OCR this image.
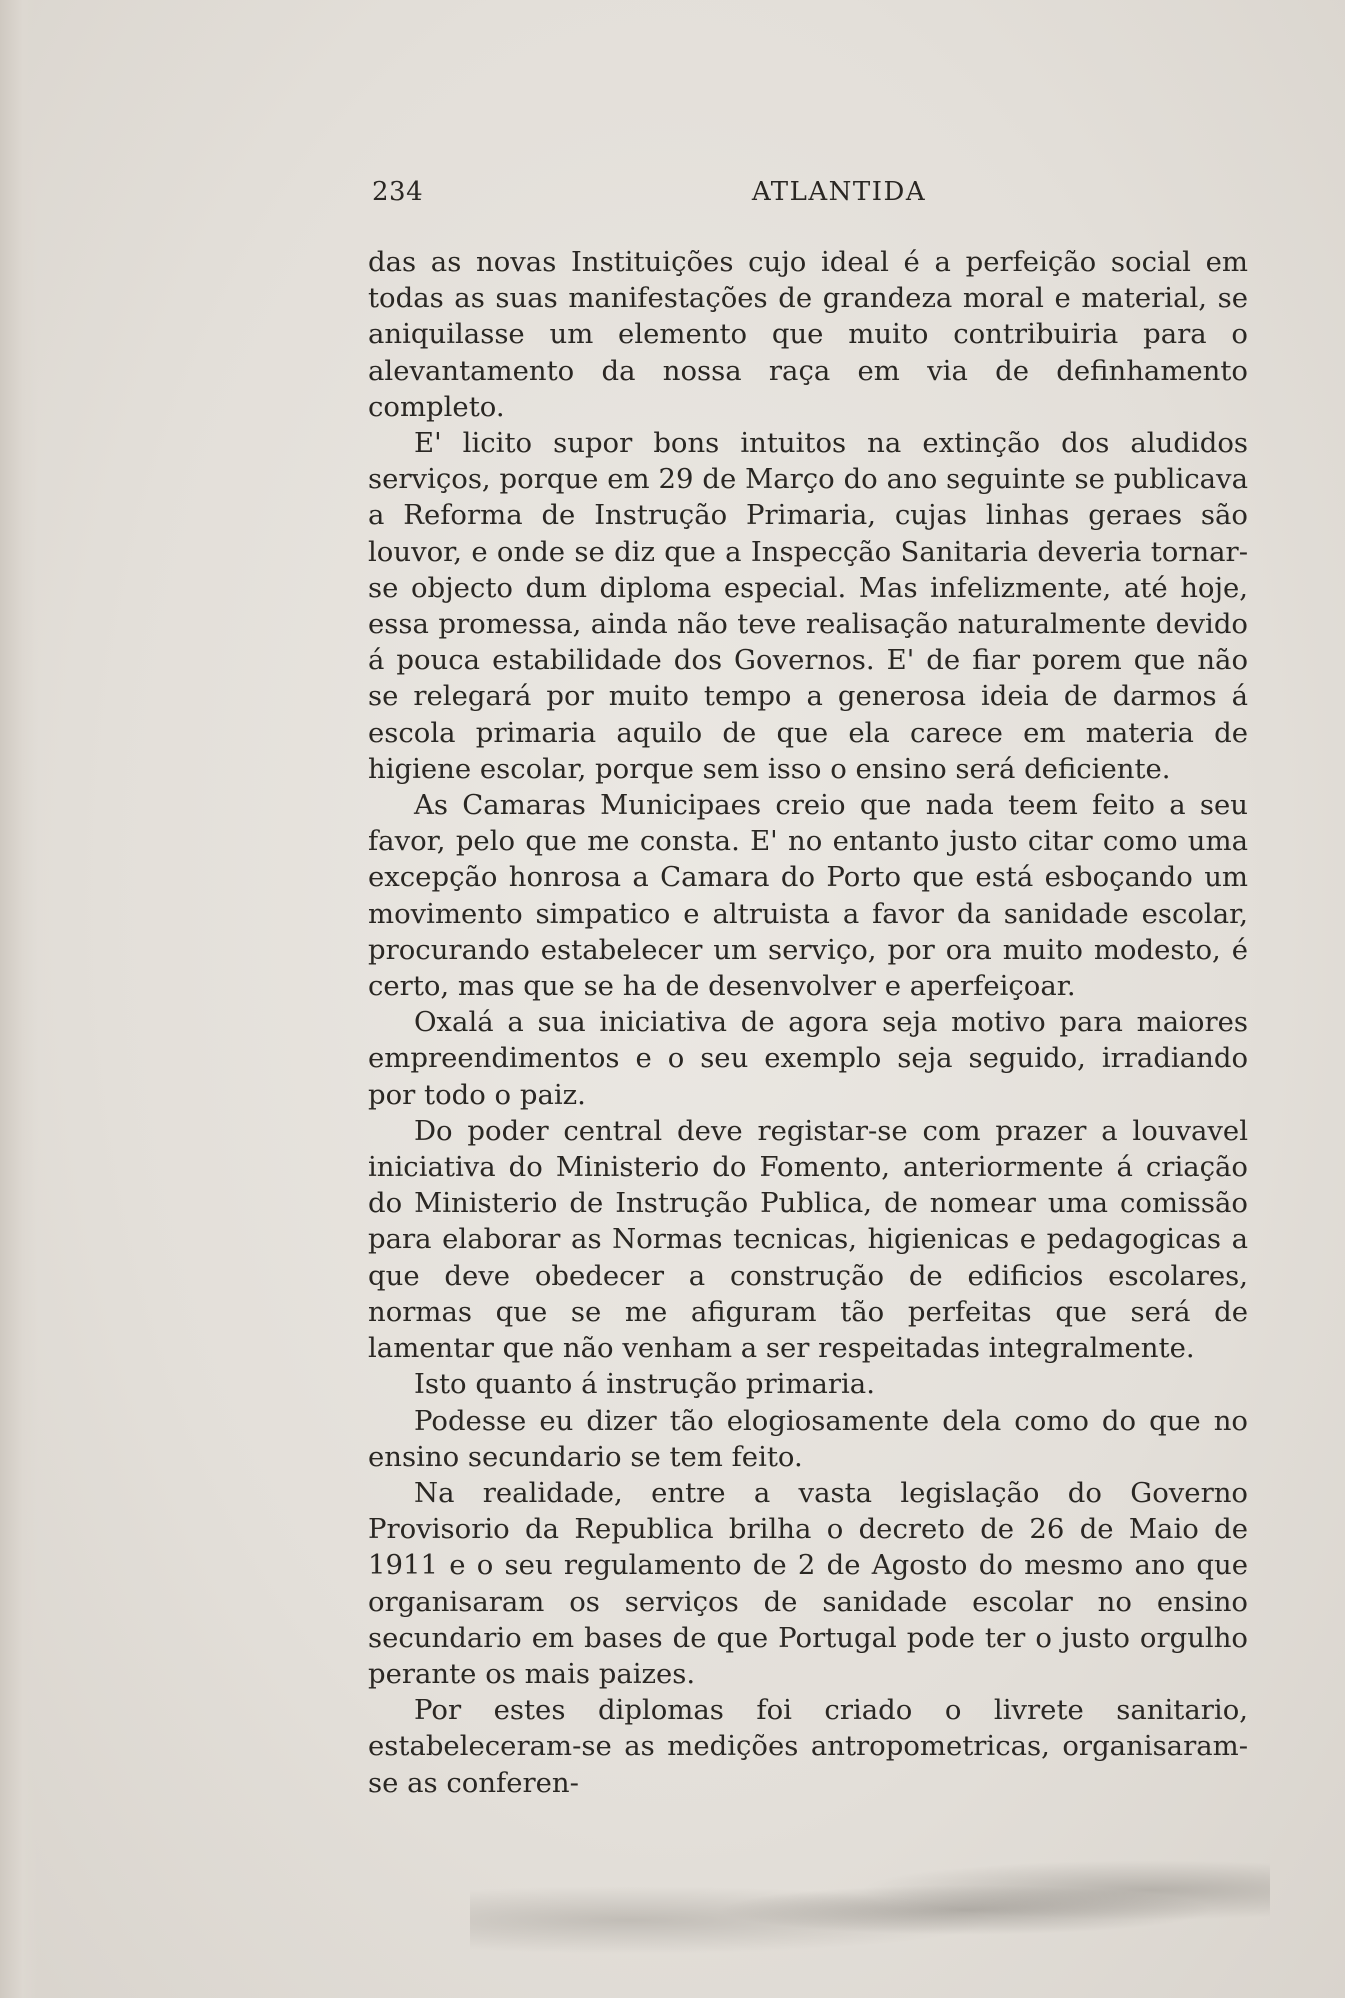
234	ATLANTIDA

das as novas Instituições cujo ideal é a perfeição social em todas as suas manifestações de grandeza moral e material, se aniquilasse um elemento que muito contribuiria para o alevantamento da nossa raça em via de definhamento completo.

E' licito supor bons intuitos na extinção dos aludidos serviços, porque em 29 de Março do ano seguinte se publicava a Reforma de Instrução Primaria, cujas linhas geraes são louvor, e onde se diz que a Inspecção Sanitaria deveria tornar-se objecto dum diploma especial. Mas infelizmente, até hoje, essa promessa, ainda não teve realisação naturalmente devido á pouca estabilidade dos Governos. E' de fiar porem que não se relegará por muito tempo a generosa ideia de darmos á escola primaria aquilo de que ela carece em materia de higiene escolar, porque sem isso o ensino será deficiente.

As Camaras Municipaes creio que nada teem feito a seu favor, pelo que me consta. E' no entanto justo citar como uma excepção honrosa a Camara do Porto que está esboçando um movimento simpatico e altruista a favor da sanidade escolar, procurando estabelecer um serviço, por ora muito modesto, é certo, mas que se ha de desenvolver e aperfeiçoar.

Oxalá a sua iniciativa de agora seja motivo para maiores empreendimentos e o seu exemplo seja seguido, irradiando por todo o paiz.

Do poder central deve registar-se com prazer a louvavel iniciativa do Ministerio do Fomento, anteriormente á criação do Ministerio de Instrução Publica, de nomear uma comissão para elaborar as Normas tecnicas, higienicas e pedagogicas a que deve obedecer a construção de edificios escolares, normas que se me afiguram tão perfeitas que será de lamentar que não venham a ser respeitadas integralmente.

Isto quanto á instrução primaria.

Podesse eu dizer tão elogiosamente dela como do que no ensino secundario se tem feito.

Na realidade, entre a vasta legislação do Governo Provisorio da Republica brilha o decreto de 26 de Maio de 1911 e o seu regulamento de 2 de Agosto do mesmo ano que organisaram os serviços de sanidade escolar no ensino secundario em bases de que Portugal pode ter o justo orgulho perante os mais paizes.

Por estes diplomas foi criado o livrete sanitario, estabeleceram-se as medições antropometricas, organisaram-se as conferen-
